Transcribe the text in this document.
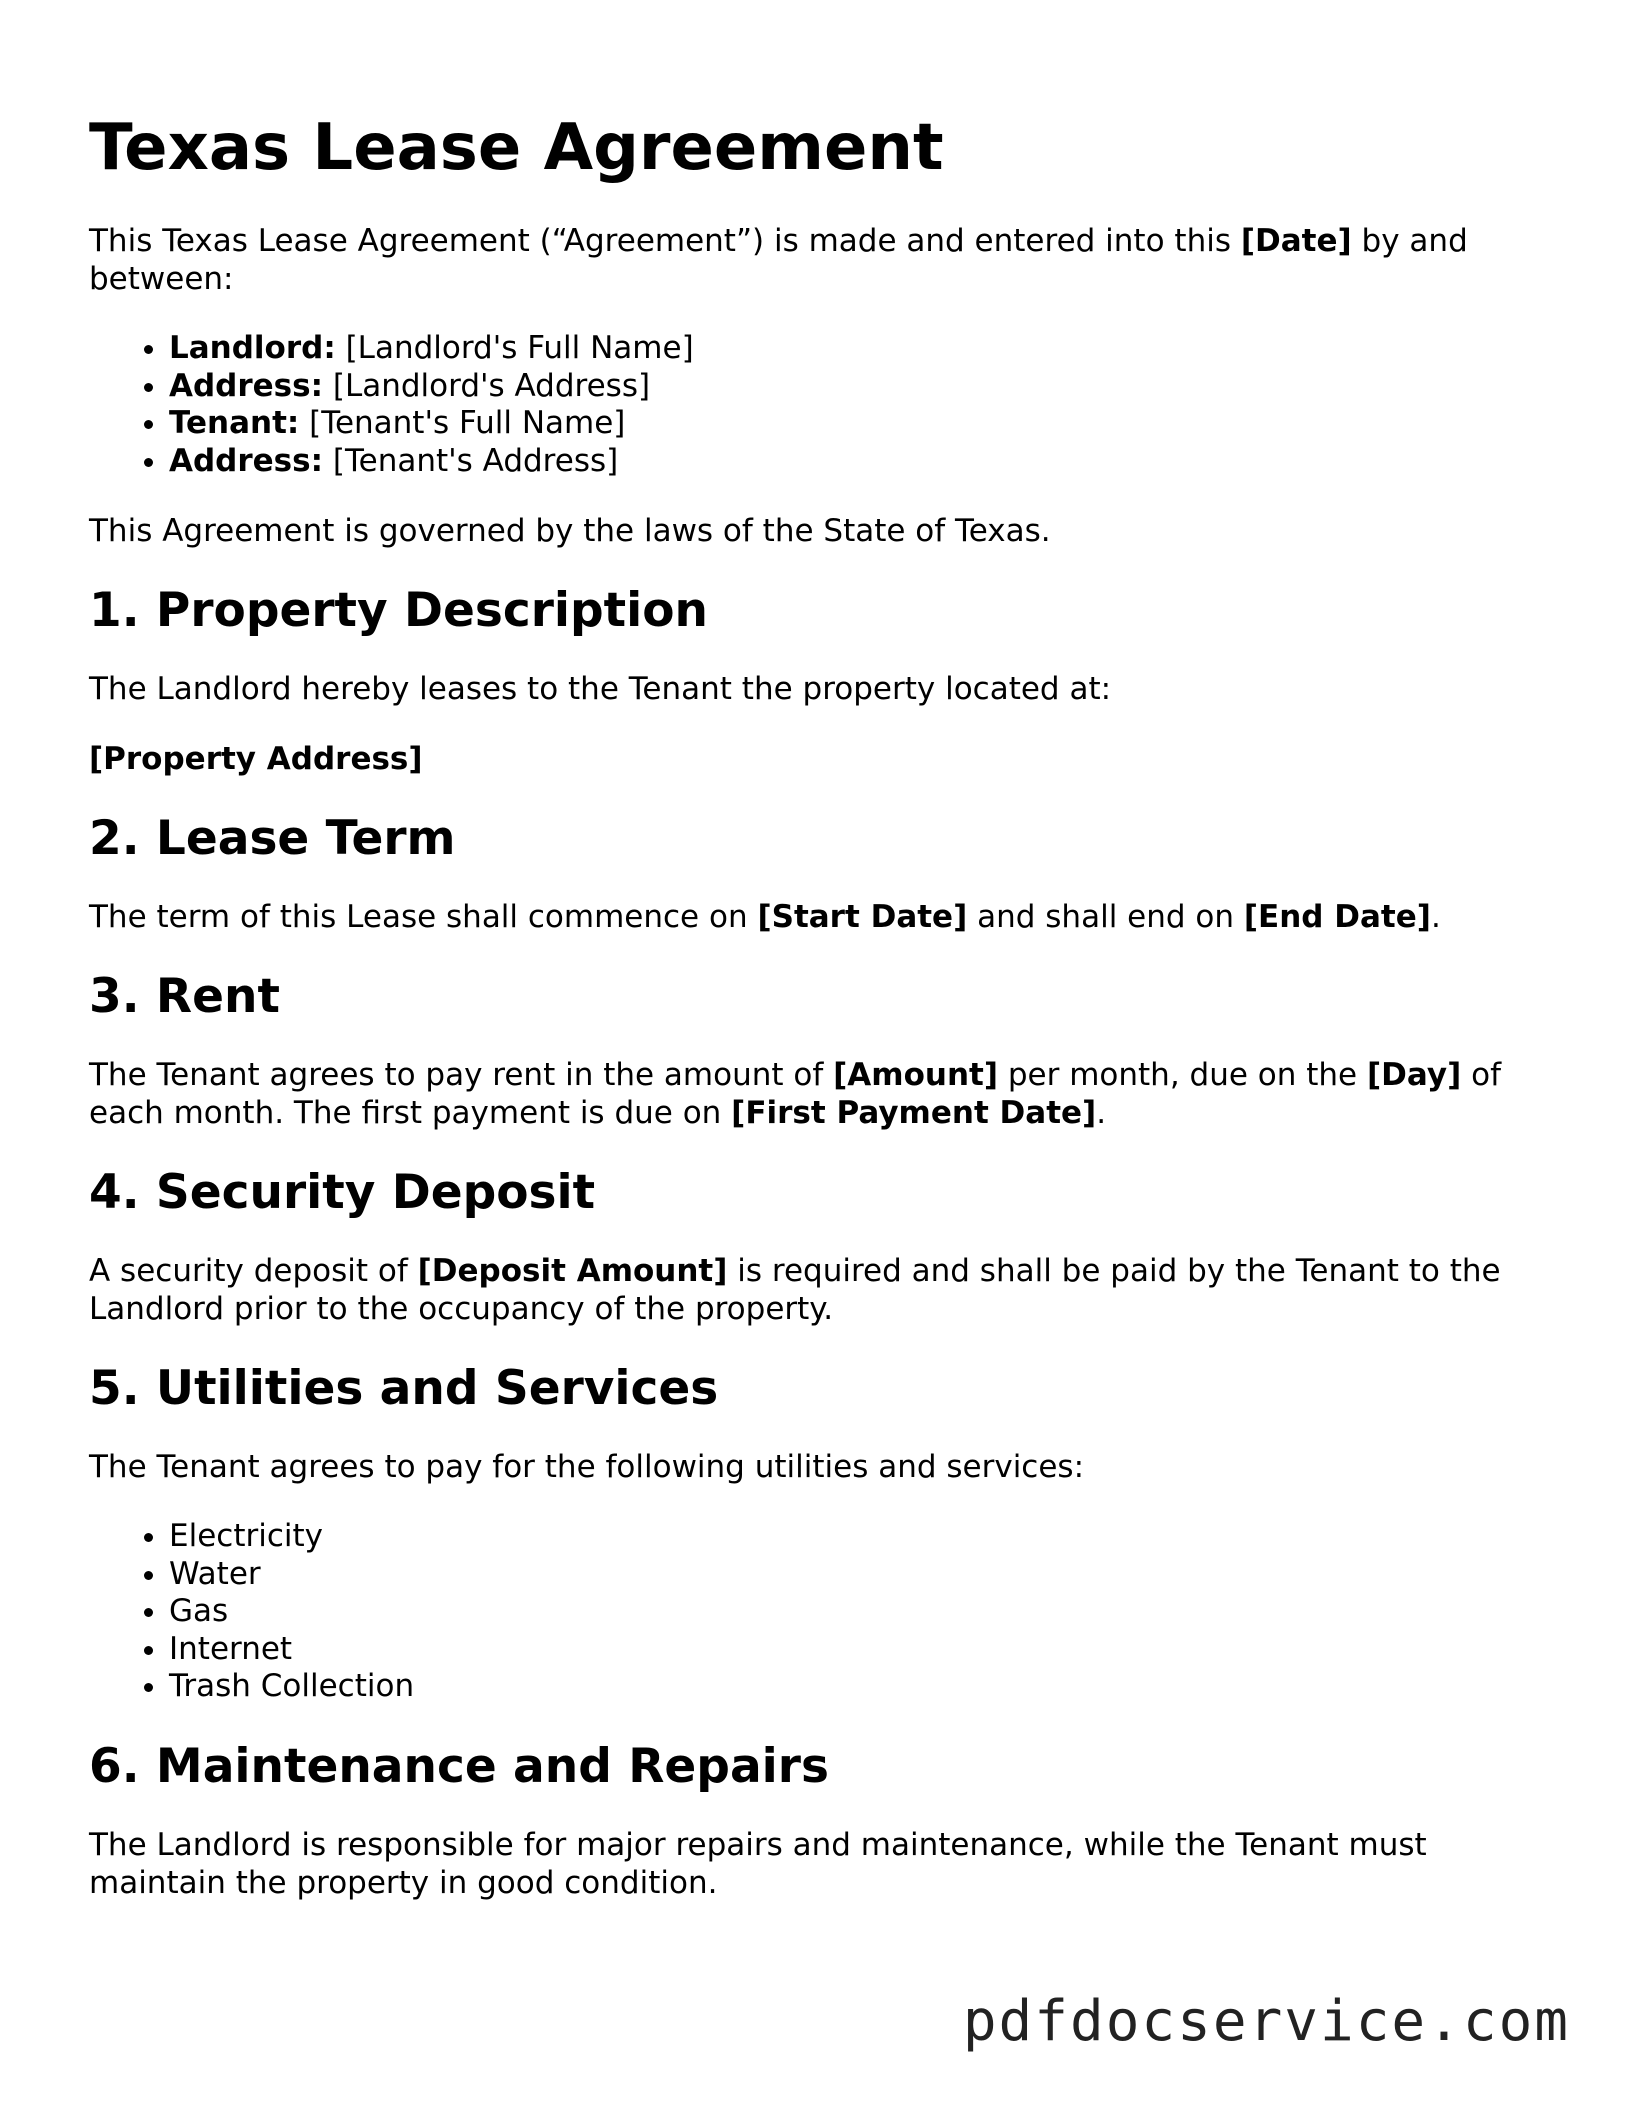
Texas Lease Agreement

This Texas Lease Agreement (“Agreement”) is made and entered into this [Date] by and between:

• Landlord: [Landlord's Full Name]
• Address: [Landlord's Address]
• Tenant: [Tenant's Full Name]
• Address: [Tenant's Address]

This Agreement is governed by the laws of the State of Texas.

1. Property Description

The Landlord hereby leases to the Tenant the property located at:

[Property Address]

2. Lease Term

The term of this Lease shall commence on [Start Date] and shall end on [End Date].

3. Rent

The Tenant agrees to pay rent in the amount of [Amount] per month, due on the [Day] of each month. The first payment is due on [First Payment Date].

4. Security Deposit

A security deposit of [Deposit Amount] is required and shall be paid by the Tenant to the Landlord prior to the occupancy of the property.

5. Utilities and Services

The Tenant agrees to pay for the following utilities and services:

• Electricity
• Water
• Gas
• Internet
• Trash Collection
6. Maintenance and Repairs

The Landlord is responsible for major repairs and maintenance, while the Tenant must maintain the property in good condition.

pdfdocservice.com
